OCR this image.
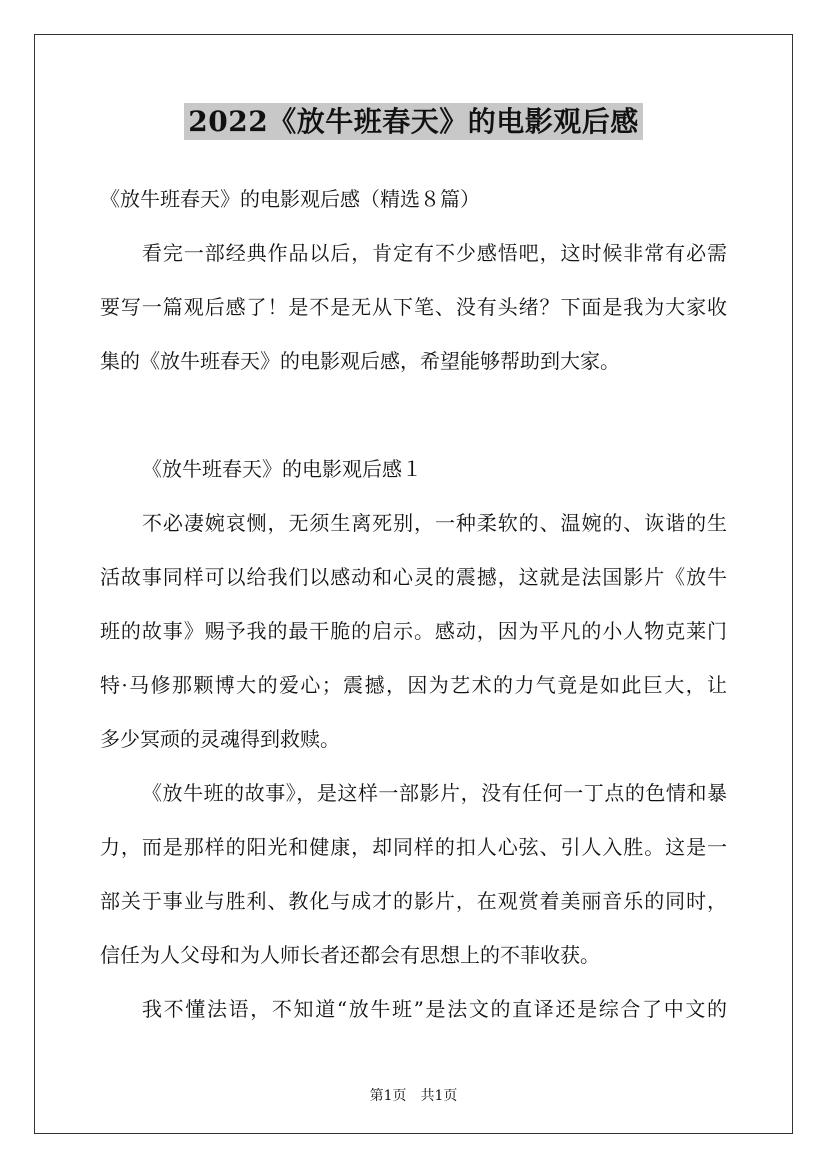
2022《放牛班春天》的电影观后感
《放牛班春天》的电影观后感（精选８篇）
看完一部经典作品以后，肯定有不少感悟吧，这时候非常有必需
要写一篇观后感了！是不是无从下笔、没有头绪？下面是我为大家收
集的《放牛班春天》的电影观后感，希望能够帮助到大家。
《放牛班春天》的电影观后感１
不必凄婉哀恻，无须生离死别，一种柔软的、温婉的、诙谐的生
活故事同样可以给我们以感动和心灵的震撼，这就是法国影片《放牛
班的故事》赐予我的最干脆的启示。感动，因为平凡的小人物克莱门
特·马修那颗博大的爱心；震撼，因为艺术的力气竟是如此巨大，让
多少冥顽的灵魂得到救赎。
《放牛班的故事》，是这样一部影片，没有任何一丁点的色情和暴
力，而是那样的阳光和健康，却同样的扣人心弦、引人入胜。这是一
部关于事业与胜利、教化与成才的影片，在观赏着美丽音乐的同时，
信任为人父母和为人师长者还都会有思想上的不菲收获。
我不懂法语，不知道“放牛班”是法文的直译还是综合了中文的
第1页　共1页
